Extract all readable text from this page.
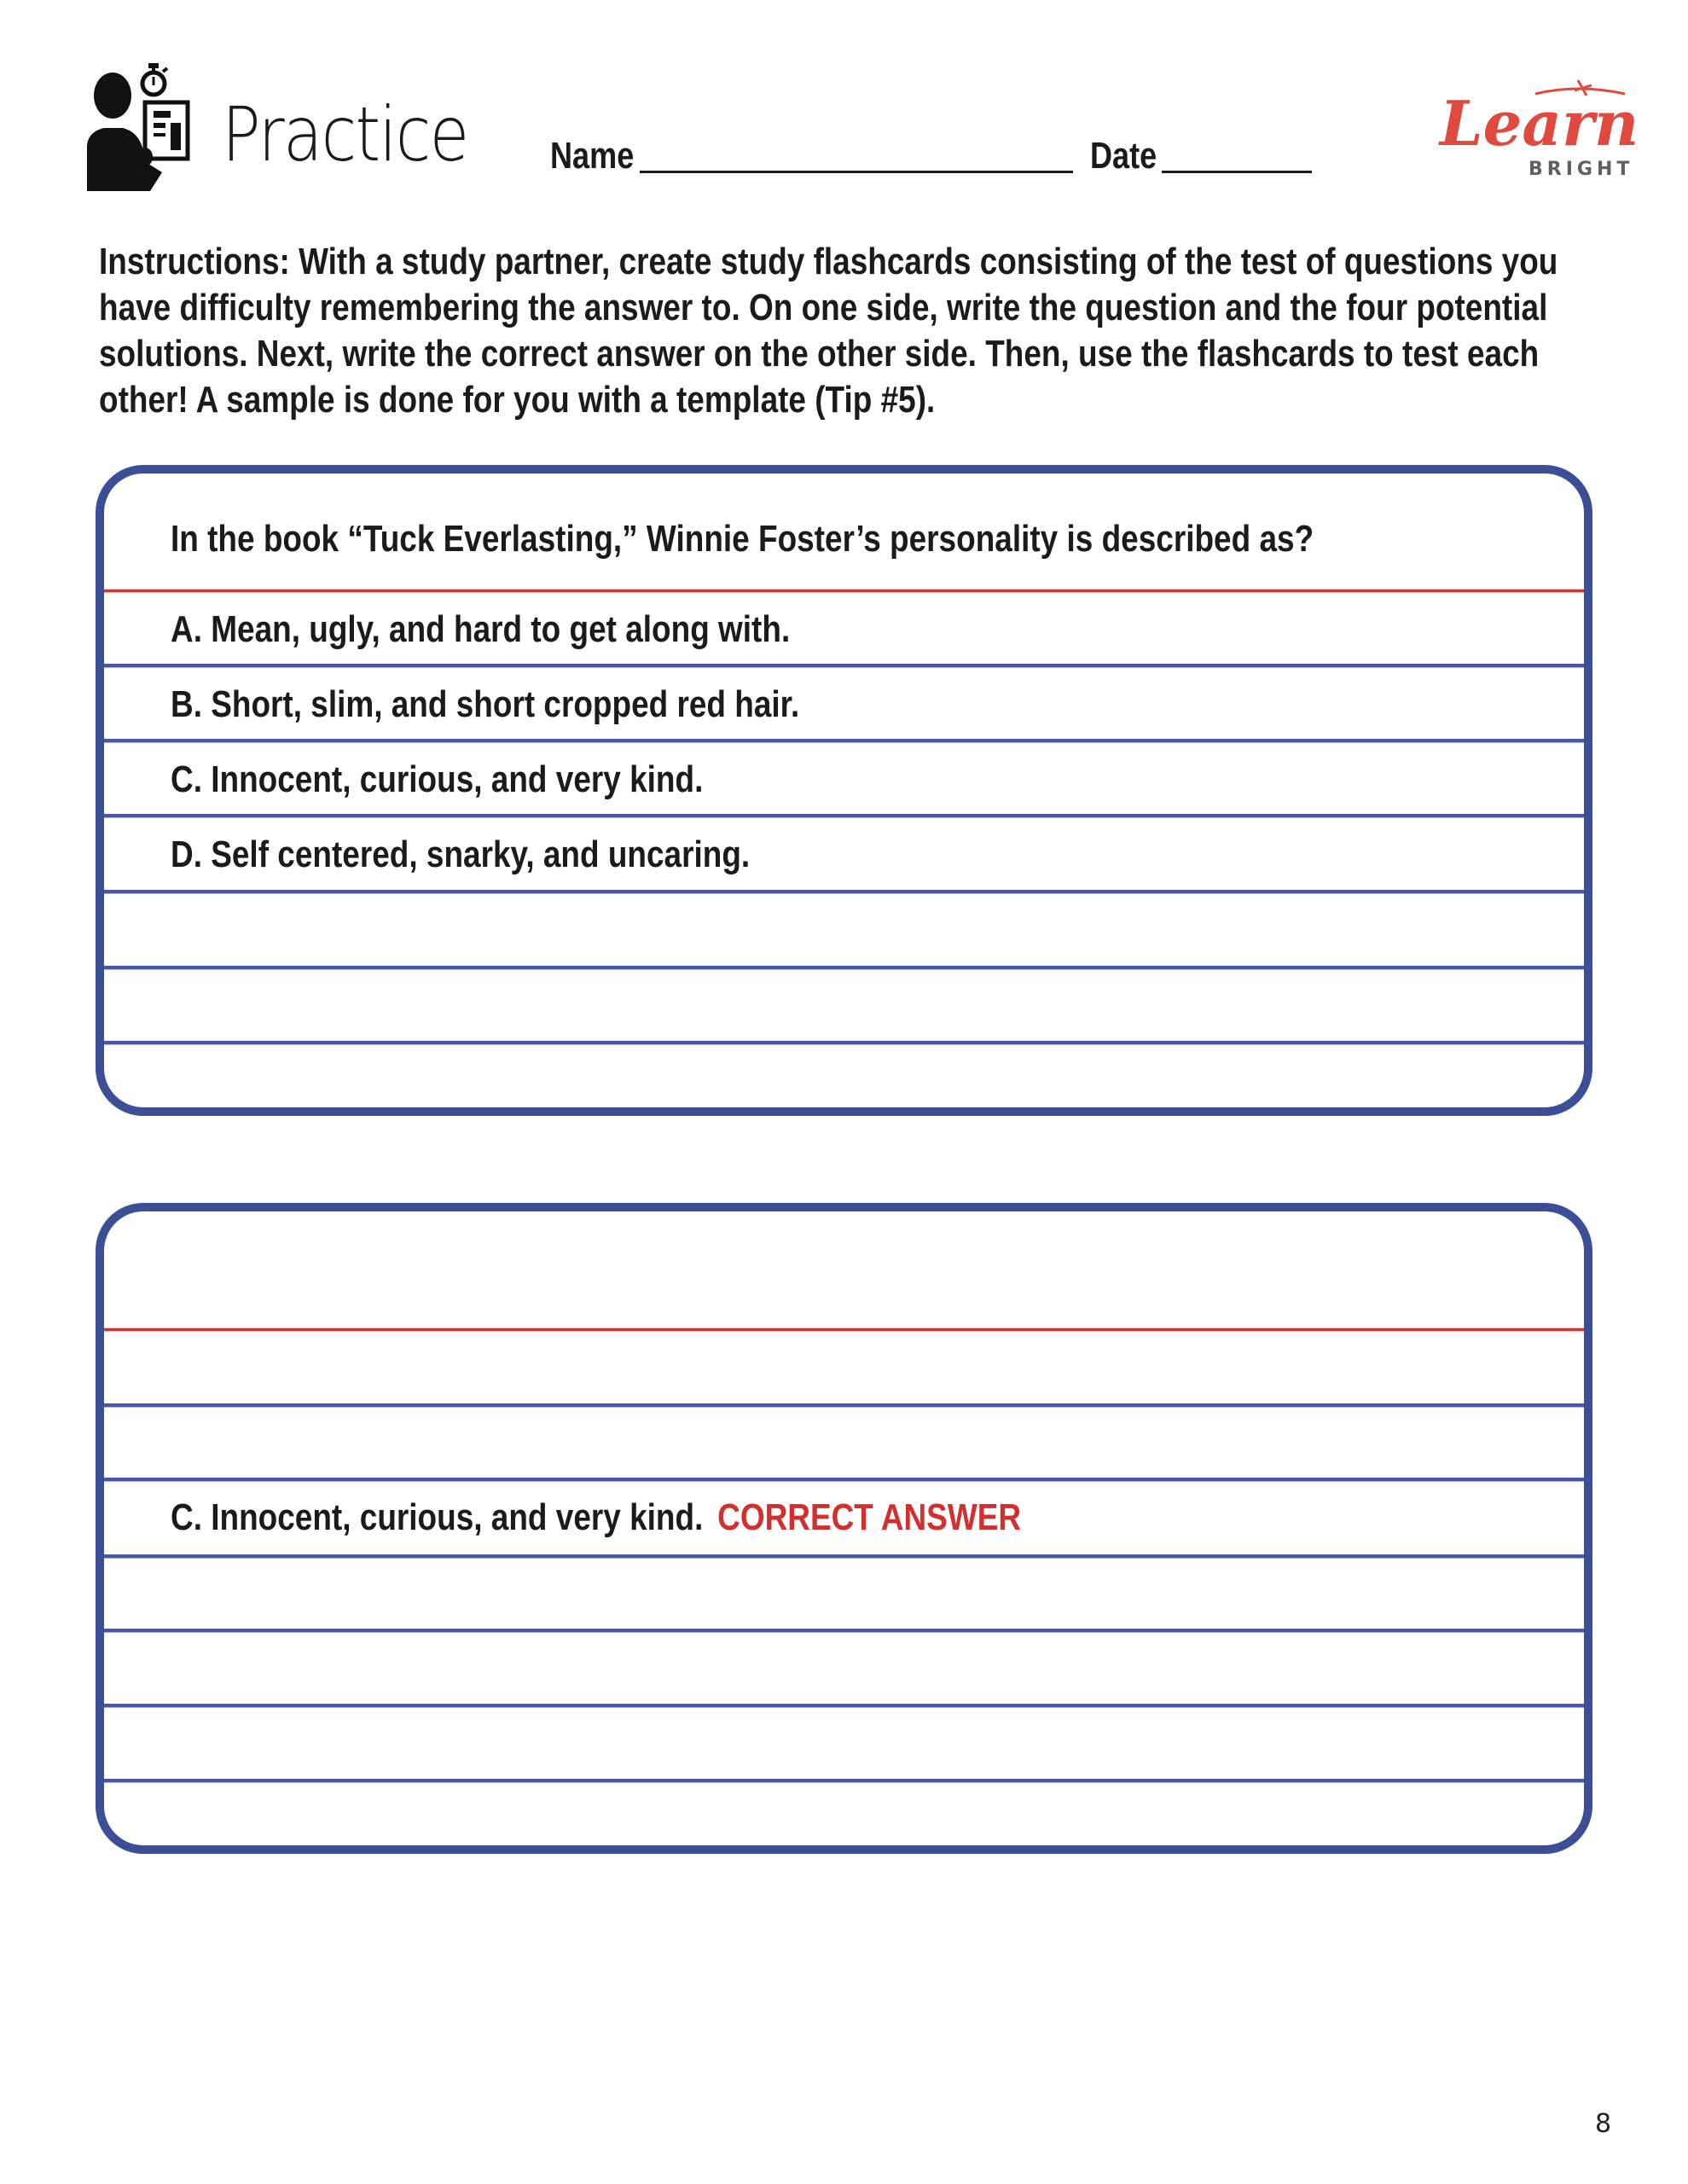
Practice Name	Date	Learn
BRIGHT
Instructions: With a study partner, create study flashcards consisting of the test of questions you have difficulty remembering the answer to. On one side, write the question and the four potential solutions. Next, write the correct answer on the other side. Then, use the flashcards to test each other! A sample is done for you with a template (Tip #5).
In the book “Tuck Everlasting,” Winnie Foster’s personality is described as?
A. Mean, ugly, and hard to get along with.
B. Short, slim, and short cropped red hair.
C. Innocent, curious, and very kind.
D. Self centered, snarky, and uncaring.
C. Innocent, curious, and very kind. CORRECT ANSWER
8
